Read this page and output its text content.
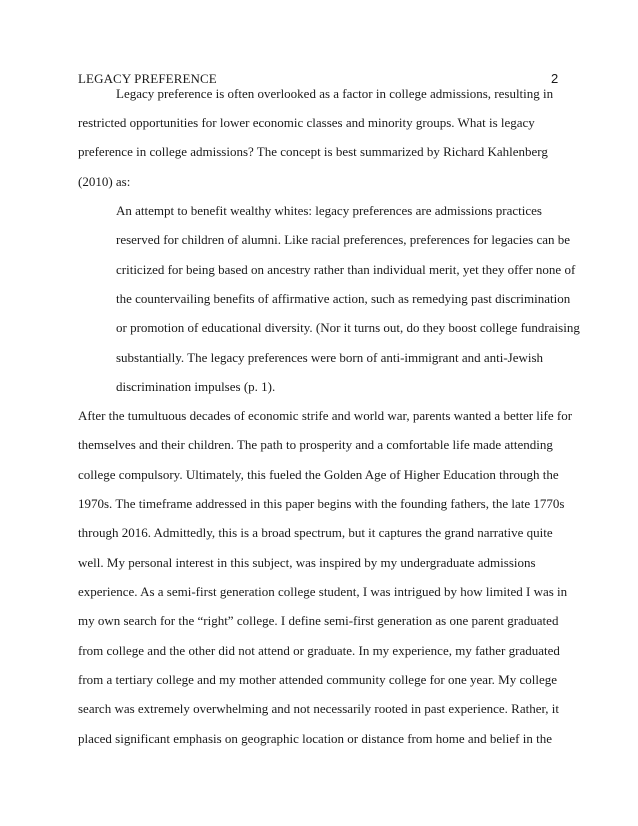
LEGACY PREFERENCE	2
Legacy preference is often overlooked as a factor in college admissions, resulting in
restricted opportunities for lower economic classes and minority groups. What is legacy
preference in college admissions? The concept is best summarized by Richard Kahlenberg
(2010) as:
An attempt to benefit wealthy whites: legacy preferences are admissions practices
reserved for children of alumni. Like racial preferences, preferences for legacies can be
criticized for being based on ancestry rather than individual merit, yet they offer none of
the countervailing benefits of affirmative action, such as remedying past discrimination
or promotion of educational diversity. (Nor it turns out, do they boost college fundraising
substantially. The legacy preferences were born of anti-immigrant and anti-Jewish
discrimination impulses (p. 1).
After the tumultuous decades of economic strife and world war, parents wanted a better life for
themselves and their children. The path to prosperity and a comfortable life made attending
college compulsory. Ultimately, this fueled the Golden Age of Higher Education through the
1970s. The timeframe addressed in this paper begins with the founding fathers, the late 1770s
through 2016. Admittedly, this is a broad spectrum, but it captures the grand narrative quite
well. My personal interest in this subject, was inspired by my undergraduate admissions
experience. As a semi-first generation college student, I was intrigued by how limited I was in
my own search for the “right” college. I define semi-first generation as one parent graduated
from college and the other did not attend or graduate. In my experience, my father graduated
from a tertiary college and my mother attended community college for one year. My college
search was extremely overwhelming and not necessarily rooted in past experience. Rather, it
placed significant emphasis on geographic location or distance from home and belief in the
